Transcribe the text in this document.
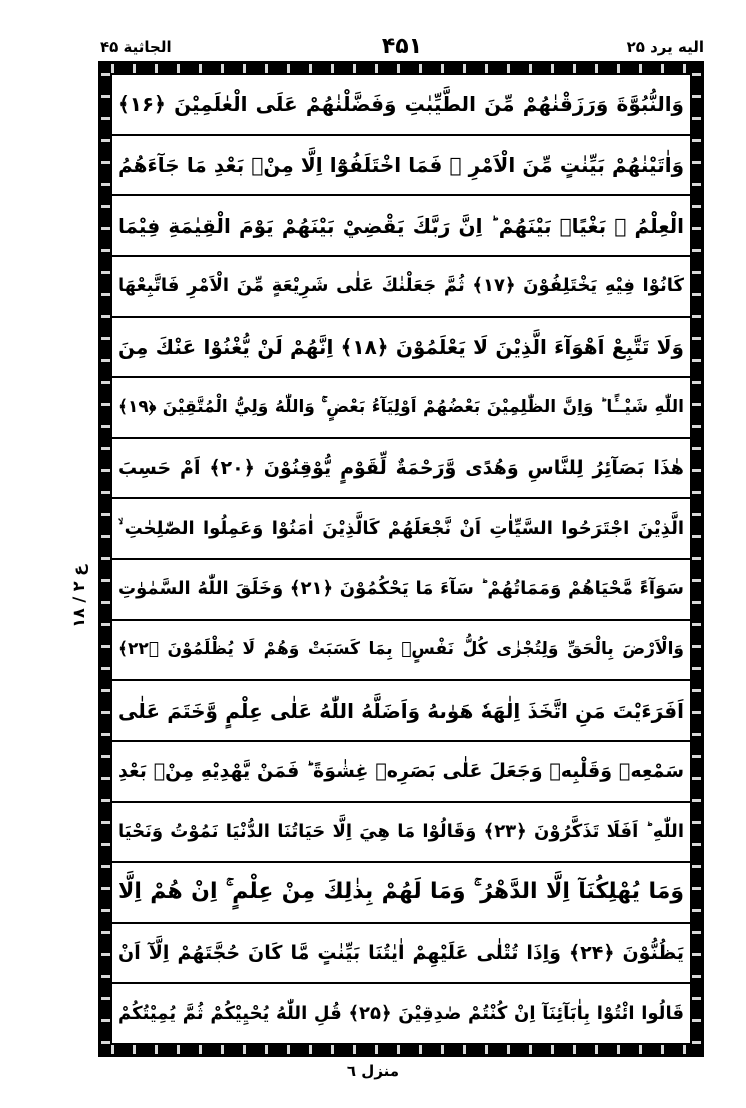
اليه يرد ۲۵
۴۵۱
الجاثية ۴۵
ع ۲ / ۱۸
وَالنُّبُوَّةَ وَرَزَقْنٰهُمْ مِّنَ الطَّيِّبٰتِ وَفَضَّلْنٰهُمْ عَلَى الْعٰلَمِيْنَ ﴿۱۶﴾
وَاٰتَيْنٰهُمْ بَيِّنٰتٍ مِّنَ الْاَمْرِ ۚ فَمَا اخْتَلَفُوْٓا اِلَّا مِنْۢ بَعْدِ مَا جَآءَهُمُ
الْعِلْمُ ۙ بَغْيًاۢ بَيْنَهُمْ ؕ اِنَّ رَبَّكَ يَقْضِيْ بَيْنَهُمْ يَوْمَ الْقِيٰمَةِ فِيْمَا
كَانُوْا فِيْهِ يَخْتَلِفُوْنَ ﴿۱۷﴾ ثُمَّ جَعَلْنٰكَ عَلٰى شَرِيْعَةٍ مِّنَ الْاَمْرِ فَاتَّبِعْهَا
وَلَا تَتَّبِعْ اَهْوَآءَ الَّذِيْنَ لَا يَعْلَمُوْنَ ﴿۱۸﴾ اِنَّهُمْ لَنْ يُّغْنُوْا عَنْكَ مِنَ
اللّٰهِ شَيْــًٔا ؕ وَاِنَّ الظّٰلِمِيْنَ بَعْضُهُمْ اَوْلِيَآءُ بَعْضٍ ۚ وَاللّٰهُ وَلِيُّ الْمُتَّقِيْنَ ﴿۱۹﴾
هٰذَا بَصَآئِرُ لِلنَّاسِ وَهُدًى وَّرَحْمَةٌ لِّقَوْمٍ يُّوْقِنُوْنَ ﴿۲۰﴾ اَمْ حَسِبَ
الَّذِيْنَ اجْتَرَحُوا السَّيِّاٰتِ اَنْ نَّجْعَلَهُمْ كَالَّذِيْنَ اٰمَنُوْا وَعَمِلُوا الصّٰلِحٰتِ ۙ
سَوَآءً مَّحْيَاهُمْ وَمَمَاتُهُمْ ؕ سَآءَ مَا يَحْكُمُوْنَ ﴿۲۱﴾ وَخَلَقَ اللّٰهُ السَّمٰوٰتِ
وَالْاَرْضَ بِالْحَقِّ وَلِتُجْزٰى كُلُّ نَفْسٍۢ بِمَا كَسَبَتْ وَهُمْ لَا يُظْلَمُوْنَ ﴿۲۲﴾
اَفَرَءَيْتَ مَنِ اتَّخَذَ اِلٰهَهٗ هَوٰىهُ وَاَضَلَّهُ اللّٰهُ عَلٰى عِلْمٍ وَّخَتَمَ عَلٰى
سَمْعِهٖ وَقَلْبِهٖ وَجَعَلَ عَلٰى بَصَرِهٖ غِشٰوَةً ؕ فَمَنْ يَّهْدِيْهِ مِنْۢ بَعْدِ
اللّٰهِ ؕ اَفَلَا تَذَكَّرُوْنَ ﴿۲۳﴾ وَقَالُوْا مَا هِيَ اِلَّا حَيَاتُنَا الدُّنْيَا نَمُوْتُ وَنَحْيَا
وَمَا يُهْلِكُنَآ اِلَّا الدَّهْرُ ۚ وَمَا لَهُمْ بِذٰلِكَ مِنْ عِلْمٍ ۚ اِنْ هُمْ اِلَّا
يَظُنُّوْنَ ﴿۲۴﴾ وَاِذَا تُتْلٰى عَلَيْهِمْ اٰيٰتُنَا بَيِّنٰتٍ مَّا كَانَ حُجَّتَهُمْ اِلَّآ اَنْ
قَالُوا ائْتُوْا بِاٰبَآئِنَآ اِنْ كُنْتُمْ صٰدِقِيْنَ ﴿۲۵﴾ قُلِ اللّٰهُ يُحْيِيْكُمْ ثُمَّ يُمِيْتُكُمْ
منزل ٦
